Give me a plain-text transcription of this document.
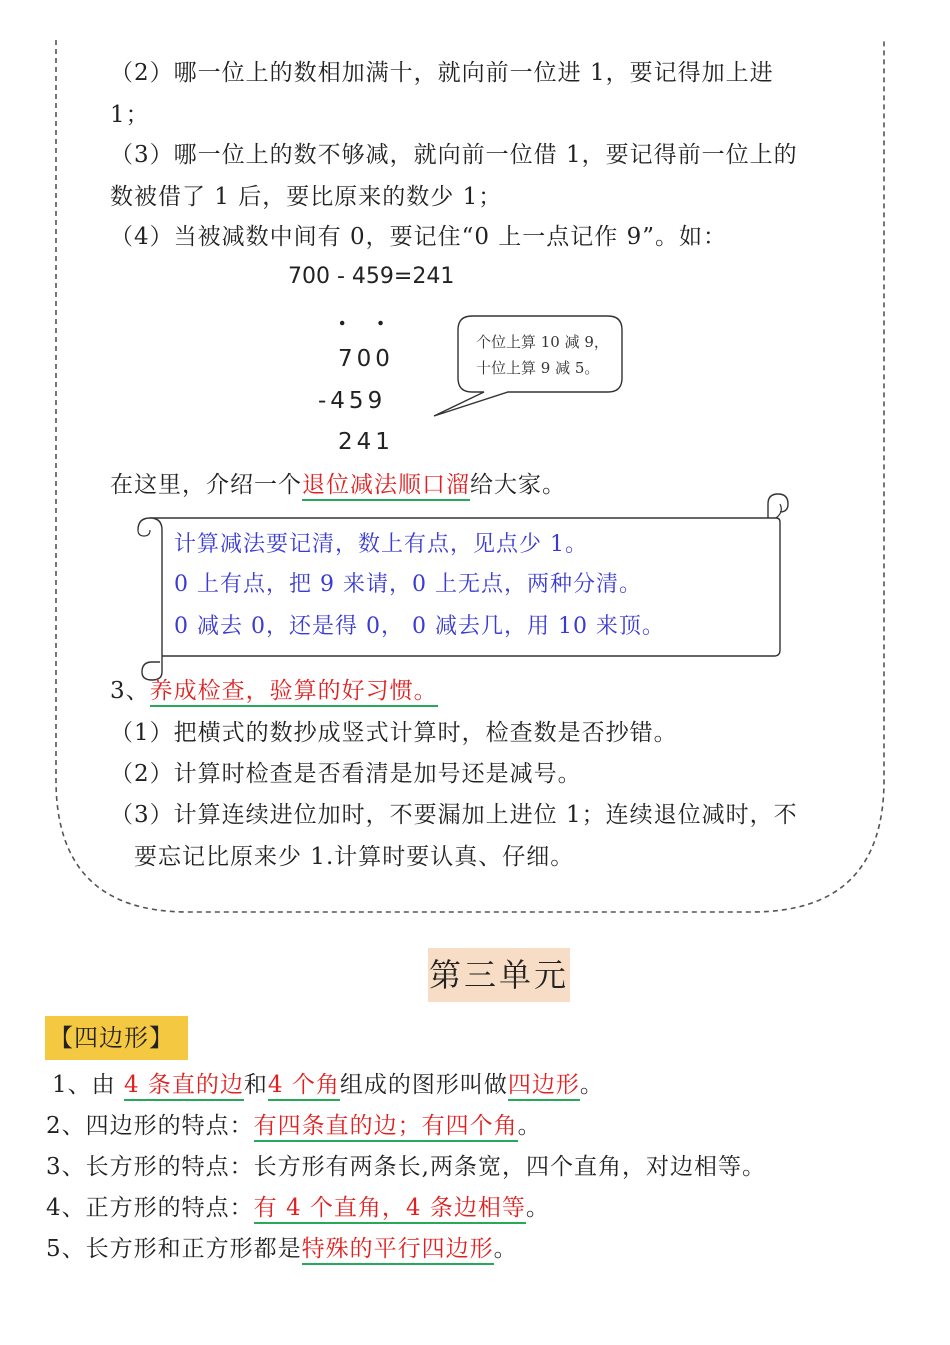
（2）哪一位上的数相加满十，就向前一位进 1，要记得加上进
1；
（3）哪一位上的数不够减，就向前一位借 1，要记得前一位上的
数被借了 1 后，要比原来的数少 1；
（4）当被减数中间有 0，要记住“0 上一点记作 9”。如：
700 - 459=241
..
700
-459
241
个位上算 10 减 9，
十位上算 9 减 5。
在这里，介绍一个退位减法顺口溜给大家。
计算减法要记清，数上有点，见点少 1。
0 上有点，把 9 来请，0 上无点，两种分清。
0 减去 0，还是得 0， 0 减去几，用 10 来顶。
3、养成检查，验算的好习惯。
（1）把横式的数抄成竖式计算时，检查数是否抄错。
（2）计算时检查是否看清是加号还是减号。
（3）计算连续进位加时，不要漏加上进位 1；连续退位减时，不
要忘记比原来少 1.计算时要认真、仔细。
第三单元
【四边形】
1、由 4 条直的边和4 个角组成的图形叫做四边形。
2、四边形的特点：有四条直的边；有四个角。
3、长方形的特点：长方形有两条长,两条宽，四个直角，对边相等。
4、正方形的特点：有 4 个直角，4 条边相等。
5、长方形和正方形都是特殊的平行四边形。
